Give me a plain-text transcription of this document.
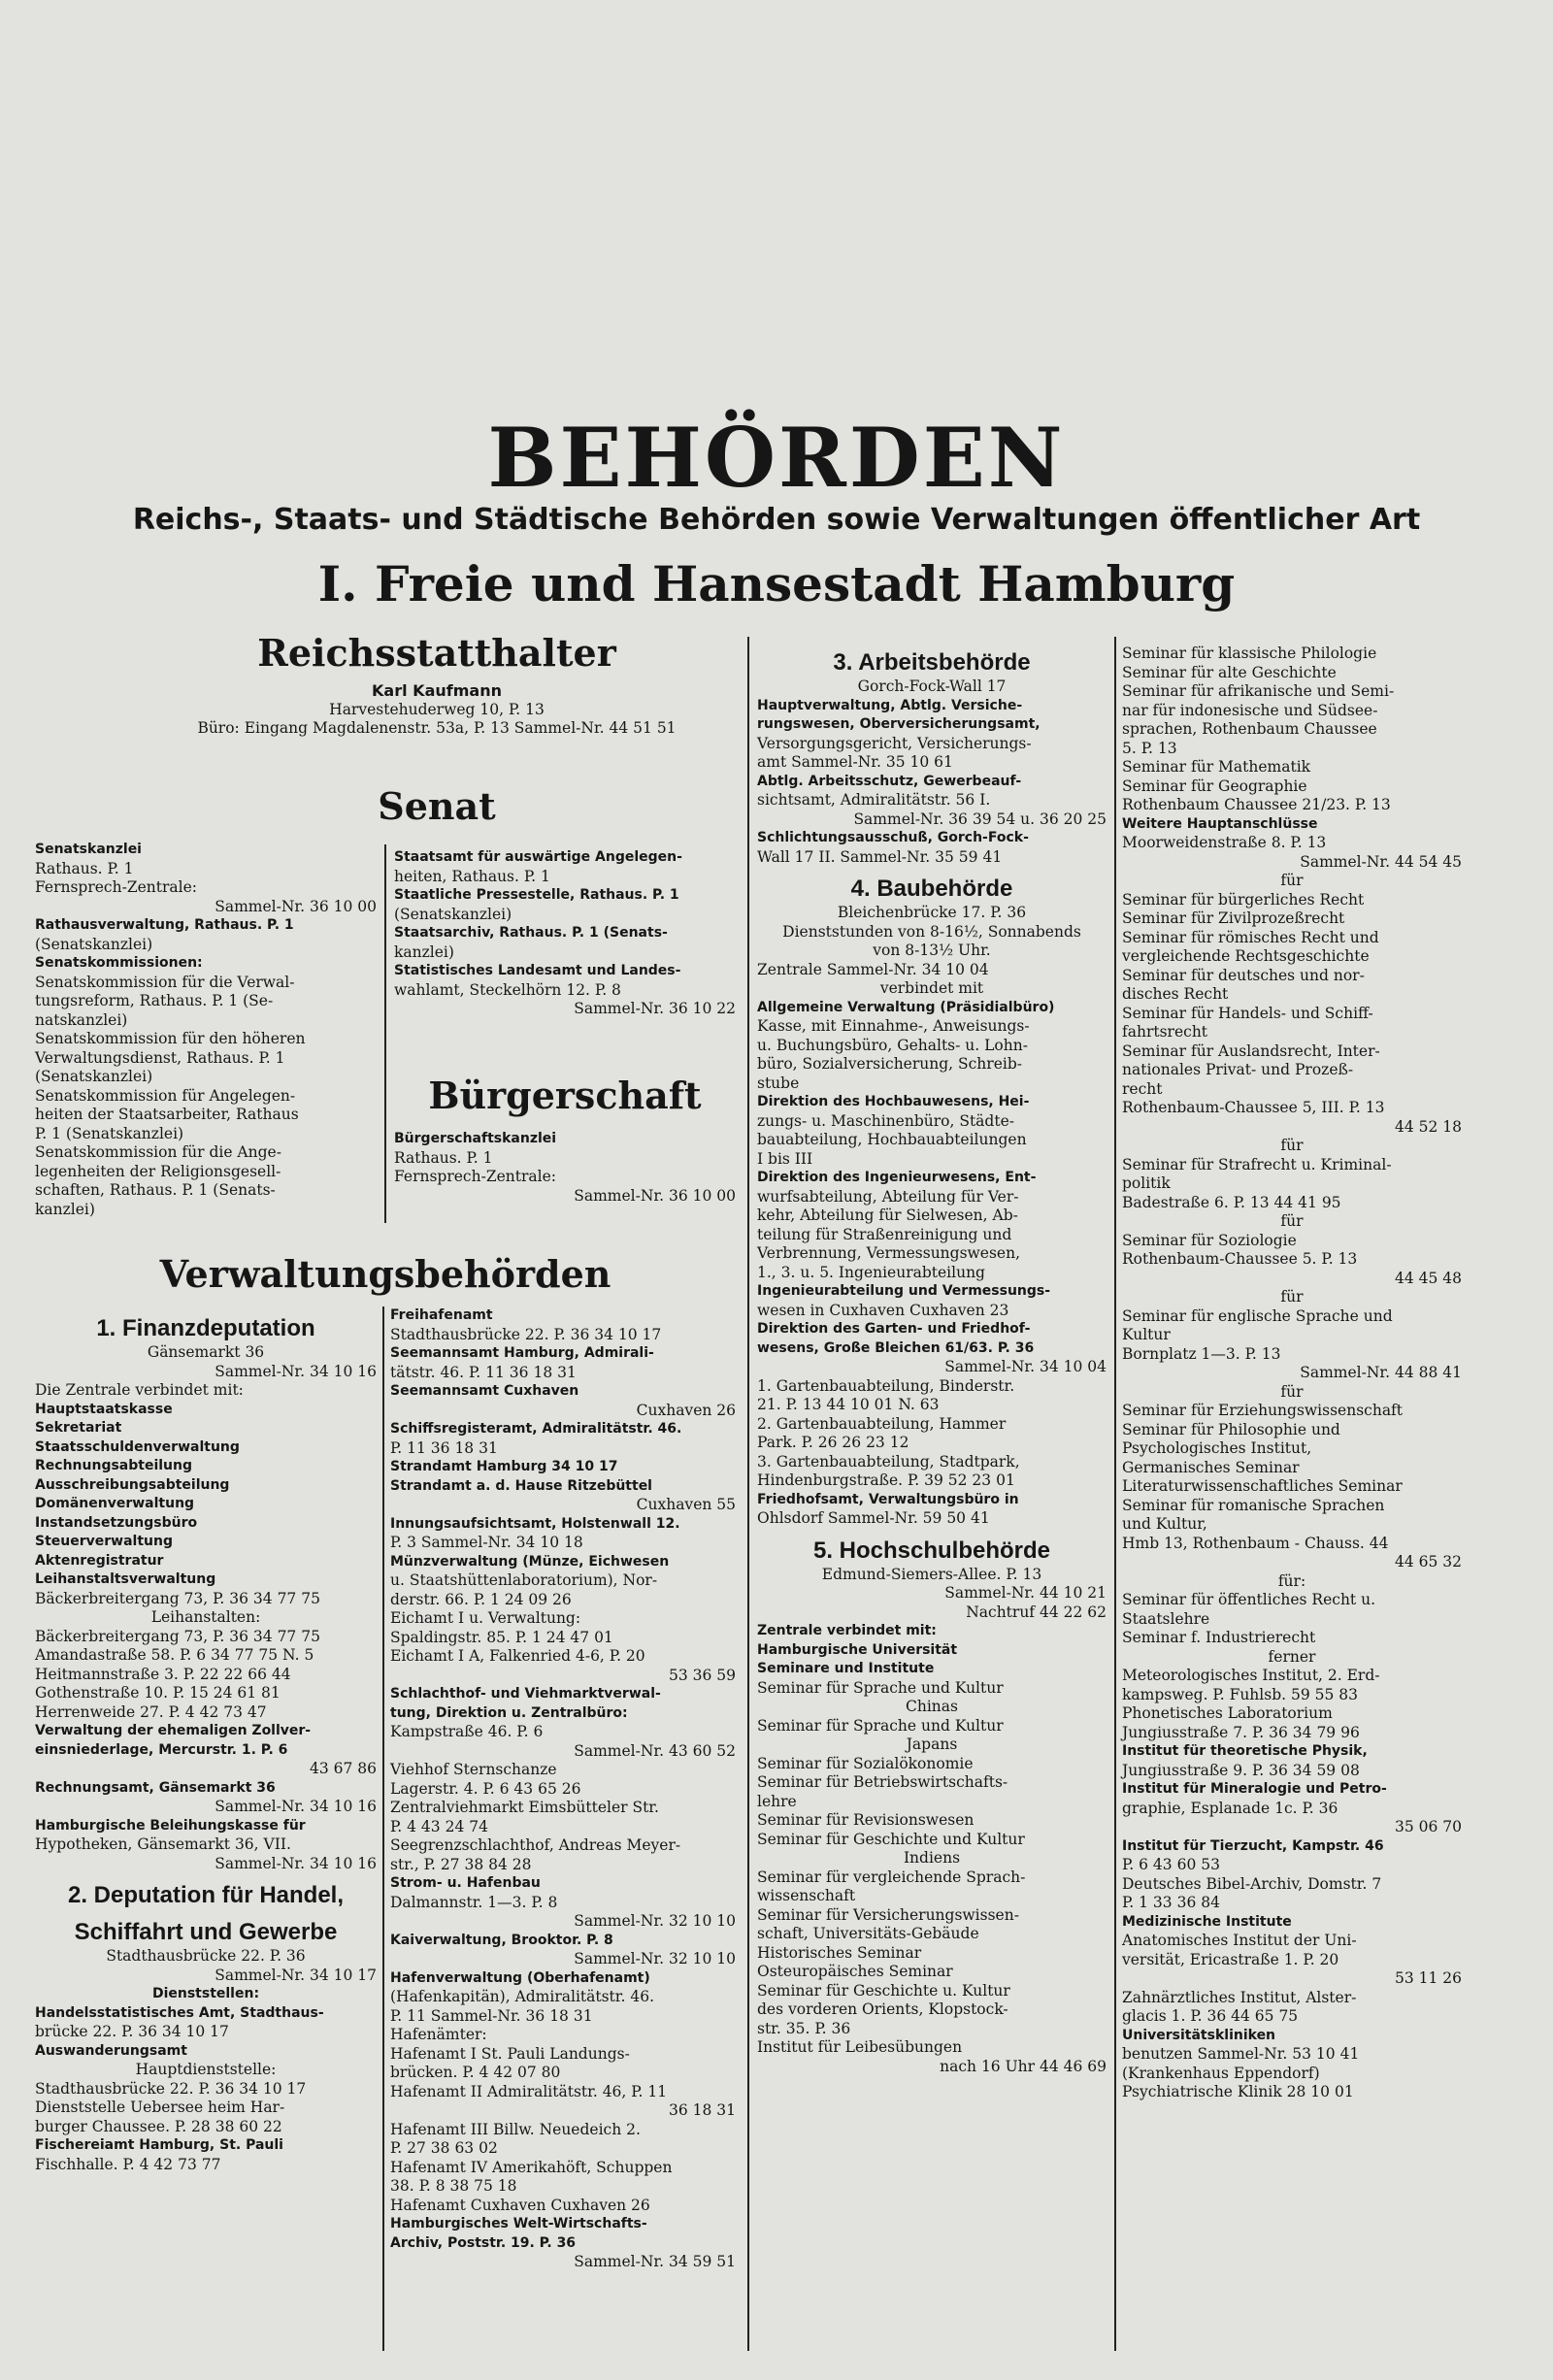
BEHÖRDEN
Reichs-, Staats- und Städtische Behörden sowie Verwaltungen öffentlicher Art
I. Freie und Hansestadt Hamburg
Reichsstatthalter
Karl Kaufmann
Harvestehuderweg 10, P. 13
Büro: Eingang Magdalenenstr. 53a, P. 13 Sammel-Nr. 44 51 51
Senat
Senatskanzlei
Rathaus. P. 1
Fernsprech-Zentrale:
Sammel-Nr. 36 10 00
Rathausverwaltung, Rathaus. P. 1
(Senatskanzlei)
Senatskommissionen:
Senatskommission für die Verwal-
tungsreform, Rathaus. P. 1 (Se-
natskanzlei)
Senatskommission für den höheren
Verwaltungsdienst, Rathaus. P. 1
(Senatskanzlei)
Senatskommission für Angelegen-
heiten der Staatsarbeiter, Rathaus
P. 1 (Senatskanzlei)
Senatskommission für die Ange-
legenheiten der Religionsgesell-
schaften, Rathaus. P. 1 (Senats-
kanzlei)
Staatsamt für auswärtige Angelegen-
heiten, Rathaus. P. 1
Staatliche Pressestelle, Rathaus. P. 1
(Senatskanzlei)
Staatsarchiv, Rathaus. P. 1 (Senats-
kanzlei)
Statistisches Landesamt und Landes-
wahlamt, Steckelhörn 12. P. 8
Sammel-Nr. 36 10 22
Bürgerschaft
Bürgerschaftskanzlei
Rathaus. P. 1
Fernsprech-Zentrale:
Sammel-Nr. 36 10 00
Verwaltungsbehörden
1. Finanzdeputation
Gänsemarkt 36
Sammel-Nr. 34 10 16
Die Zentrale verbindet mit:
Hauptstaatskasse
Sekretariat
Staatsschuldenverwaltung
Rechnungsabteilung
Ausschreibungsabteilung
Domänenverwaltung
Instandsetzungsbüro
Steuerverwaltung
Aktenregistratur
Leihanstaltsverwaltung
Bäckerbreitergang 73, P. 36 34 77 75
Leihanstalten:
Bäckerbreitergang 73, P. 36 34 77 75
Amandastraße 58. P. 6 34 77 75 N. 5
Heitmannstraße 3. P. 22 22 66 44
Gothenstraße 10. P. 15 24 61 81
Herrenweide 27. P. 4 42 73 47
Verwaltung der ehemaligen Zollver-
einsniederlage, Mercurstr. 1. P. 6
43 67 86
Rechnungsamt, Gänsemarkt 36
Sammel-Nr. 34 10 16
Hamburgische Beleihungskasse für
Hypotheken, Gänsemarkt 36, VII.
Sammel-Nr. 34 10 16
2. Deputation für Handel,
Schiffahrt und Gewerbe
Stadthausbrücke 22. P. 36
Sammel-Nr. 34 10 17
Dienststellen:
Handelsstatistisches Amt, Stadthaus-
brücke 22. P. 36 34 10 17
Auswanderungsamt
Hauptdienststelle:
Stadthausbrücke 22. P. 36 34 10 17
Dienststelle Uebersee heim Har-
burger Chaussee. P. 28 38 60 22
Fischereiamt Hamburg, St. Pauli
Fischhalle. P. 4 42 73 77
Freihafenamt
Stadthausbrücke 22. P. 36 34 10 17
Seemannsamt Hamburg, Admirali-
tätstr. 46. P. 11 36 18 31
Seemannsamt Cuxhaven
Cuxhaven 26
Schiffsregisteramt, Admiralitätstr. 46.
P. 11 36 18 31
Strandamt Hamburg 34 10 17
Strandamt a. d. Hause Ritzebüttel
Cuxhaven 55
Innungsaufsichtsamt, Holstenwall 12.
P. 3 Sammel-Nr. 34 10 18
Münzverwaltung (Münze, Eichwesen
u. Staatshüttenlaboratorium), Nor-
derstr. 66. P. 1 24 09 26
Eichamt I u. Verwaltung:
Spaldingstr. 85. P. 1 24 47 01
Eichamt I A, Falkenried 4-6, P. 20
53 36 59
Schlachthof- und Viehmarktverwal-
tung, Direktion u. Zentralbüro:
Kampstraße 46. P. 6
Sammel-Nr. 43 60 52
Viehhof Sternschanze
Lagerstr. 4. P. 6 43 65 26
Zentralviehmarkt Eimsbütteler Str.
P. 4 43 24 74
Seegrenzschlachthof, Andreas Meyer-
str., P. 27 38 84 28
Strom- u. Hafenbau
Dalmannstr. 1—3. P. 8
Sammel-Nr. 32 10 10
Kaiverwaltung, Brooktor. P. 8
Sammel-Nr. 32 10 10
Hafenverwaltung (Oberhafenamt)
(Hafenkapitän), Admiralitätstr. 46.
P. 11 Sammel-Nr. 36 18 31
Hafenämter:
Hafenamt I St. Pauli Landungs-
brücken. P. 4 42 07 80
Hafenamt II Admiralitätstr. 46, P. 11
36 18 31
Hafenamt III Billw. Neuedeich 2.
P. 27 38 63 02
Hafenamt IV Amerikahöft, Schuppen
38. P. 8 38 75 18
Hafenamt Cuxhaven Cuxhaven 26
Hamburgisches Welt-Wirtschafts-
Archiv, Poststr. 19. P. 36
Sammel-Nr. 34 59 51
3. Arbeitsbehörde
Gorch-Fock-Wall 17
Hauptverwaltung, Abtlg. Versiche-
rungswesen, Oberversicherungsamt,
Versorgungsgericht, Versicherungs-
amt Sammel-Nr. 35 10 61
Abtlg. Arbeitsschutz, Gewerbeauf-
sichtsamt, Admiralitätstr. 56 I.
Sammel-Nr. 36 39 54 u. 36 20 25
Schlichtungsausschuß, Gorch-Fock-
Wall 17 II. Sammel-Nr. 35 59 41
4. Baubehörde
Bleichenbrücke 17. P. 36
Dienststunden von 8-16½, Sonnabends
von 8-13½ Uhr.
Zentrale Sammel-Nr. 34 10 04
verbindet mit
Allgemeine Verwaltung (Präsidialbüro)
Kasse, mit Einnahme-, Anweisungs-
u. Buchungsbüro, Gehalts- u. Lohn-
büro, Sozialversicherung, Schreib-
stube
Direktion des Hochbauwesens, Hei-
zungs- u. Maschinenbüro, Städte-
bauabteilung, Hochbauabteilungen
I bis III
Direktion des Ingenieurwesens, Ent-
wurfsabteilung, Abteilung für Ver-
kehr, Abteilung für Sielwesen, Ab-
teilung für Straßenreinigung und
Verbrennung, Vermessungswesen,
1., 3. u. 5. Ingenieurabteilung
Ingenieurabteilung und Vermessungs-
wesen in Cuxhaven Cuxhaven 23
Direktion des Garten- und Friedhof-
wesens, Große Bleichen 61/63. P. 36
Sammel-Nr. 34 10 04
1. Gartenbauabteilung, Binderstr.
21. P. 13 44 10 01 N. 63
2. Gartenbauabteilung, Hammer
Park. P. 26 26 23 12
3. Gartenbauabteilung, Stadtpark,
Hindenburgstraße. P. 39 52 23 01
Friedhofsamt, Verwaltungsbüro in
Ohlsdorf Sammel-Nr. 59 50 41
5. Hochschulbehörde
Edmund-Siemers-Allee. P. 13
Sammel-Nr. 44 10 21
Nachtruf 44 22 62
Zentrale verbindet mit:
Hamburgische Universität
Seminare und Institute
Seminar für Sprache und Kultur
Chinas
Seminar für Sprache und Kultur
Japans
Seminar für Sozialökonomie
Seminar für Betriebswirtschafts-
lehre
Seminar für Revisionswesen
Seminar für Geschichte und Kultur
Indiens
Seminar für vergleichende Sprach-
wissenschaft
Seminar für Versicherungswissen-
schaft, Universitäts-Gebäude
Historisches Seminar
Osteuropäisches Seminar
Seminar für Geschichte u. Kultur
des vorderen Orients, Klopstock-
str. 35. P. 36
Institut für Leibesübungen
nach 16 Uhr 44 46 69
Seminar für klassische Philologie
Seminar für alte Geschichte
Seminar für afrikanische und Semi-
nar für indonesische und Südsee-
sprachen, Rothenbaum Chaussee
5. P. 13
Seminar für Mathematik
Seminar für Geographie
Rothenbaum Chaussee 21/23. P. 13
Weitere Hauptanschlüsse
Moorweidenstraße 8. P. 13
Sammel-Nr. 44 54 45
für
Seminar für bürgerliches Recht
Seminar für Zivilprozeßrecht
Seminar für römisches Recht und
vergleichende Rechtsgeschichte
Seminar für deutsches und nor-
disches Recht
Seminar für Handels- und Schiff-
fahrtsrecht
Seminar für Auslandsrecht, Inter-
nationales Privat- und Prozeß-
recht
Rothenbaum-Chaussee 5, III. P. 13
44 52 18
für
Seminar für Strafrecht u. Kriminal-
politik
Badestraße 6. P. 13 44 41 95
für
Seminar für Soziologie
Rothenbaum-Chaussee 5. P. 13
44 45 48
für
Seminar für englische Sprache und
Kultur
Bornplatz 1—3. P. 13
Sammel-Nr. 44 88 41
für
Seminar für Erziehungswissenschaft
Seminar für Philosophie und
Psychologisches Institut,
Germanisches Seminar
Literaturwissenschaftliches Seminar
Seminar für romanische Sprachen
und Kultur,
Hmb 13, Rothenbaum - Chauss. 44
44 65 32
für:
Seminar für öffentliches Recht u.
Staatslehre
Seminar f. Industrierecht
ferner
Meteorologisches Institut, 2. Erd-
kampsweg. P. Fuhlsb. 59 55 83
Phonetisches Laboratorium
Jungiusstraße 7. P. 36 34 79 96
Institut für theoretische Physik,
Jungiusstraße 9. P. 36 34 59 08
Institut für Mineralogie und Petro-
graphie, Esplanade 1c. P. 36
35 06 70
Institut für Tierzucht, Kampstr. 46
P. 6 43 60 53
Deutsches Bibel-Archiv, Domstr. 7
P. 1 33 36 84
Medizinische Institute
Anatomisches Institut der Uni-
versität, Ericastraße 1. P. 20
53 11 26
Zahnärztliches Institut, Alster-
glacis 1. P. 36 44 65 75
Universitätskliniken
benutzen Sammel-Nr. 53 10 41
(Krankenhaus Eppendorf)
Psychiatrische Klinik 28 10 01
